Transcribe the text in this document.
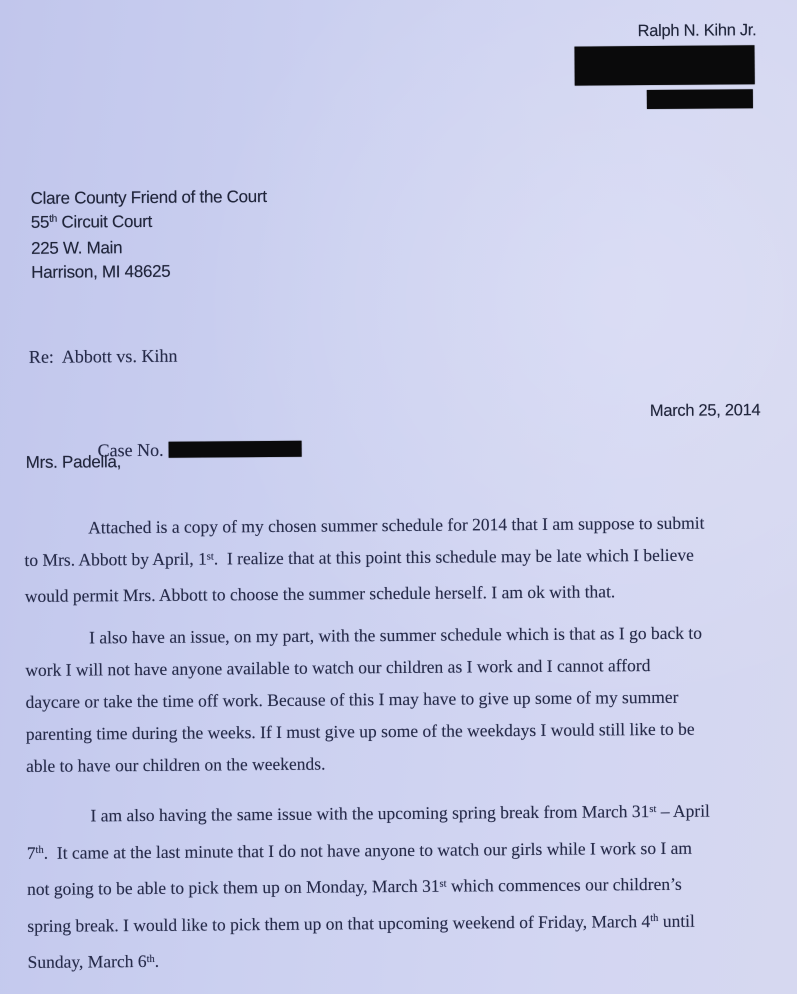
Ralph N. Kihn Jr.
Clare County Friend of the Court
55th Circuit Court
225 W. Main
Harrison, MI 48625

Re:  Abbott vs. Kihn

Case No.

March 25, 2014
Mrs. Padella,
Attached is a copy of my chosen summer schedule for 2014 that I am suppose to submit
to Mrs. Abbott by April, 1st.  I realize that at this point this schedule may be late which I believe
would permit Mrs. Abbott to choose the summer schedule herself. I am ok with that.
I also have an issue, on my part, with the summer schedule which is that as I go back to
work I will not have anyone available to watch our children as I work and I cannot afford
daycare or take the time off work. Because of this I may have to give up some of my summer
parenting time during the weeks. If I must give up some of the weekdays I would still like to be
able to have our children on the weekends.
I am also having the same issue with the upcoming spring break from March 31st – April
7th.  It came at the last minute that I do not have anyone to watch our girls while I work so I am
not going to be able to pick them up on Monday, March 31st which commences our children’s
spring break. I would like to pick them up on that upcoming weekend of Friday, March 4th until
Sunday, March 6th.
